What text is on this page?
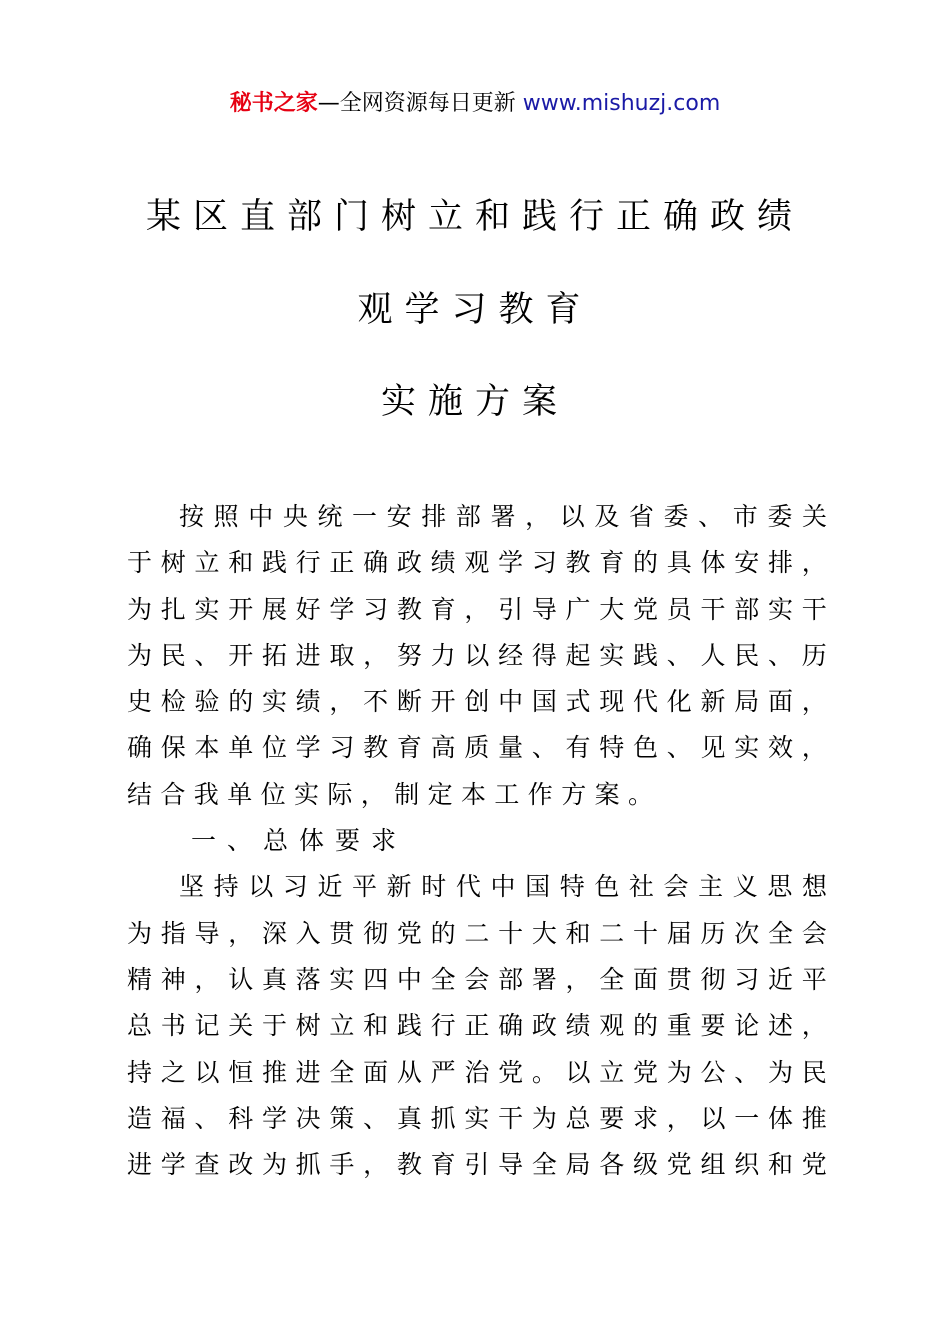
秘书之家—全网资源每日更新 www.mishuzj.com
某区直部门树立和践行正确政绩
观学习教育
实施方案
按 照 中 央 统 一 安 排 部 署 ， 以 及 省 委 、 市 委 关
于 树 立 和 践 行 正 确 政 绩 观 学 习 教 育 的 具 体 安 排 ，
为 扎 实 开 展 好 学 习 教 育 ， 引 导 广 大 党 员 干 部 实 干
为 民 、 开 拓 进 取 ， 努 力 以 经 得 起 实 践 、 人 民 、 历
史 检 验 的 实 绩 ， 不 断 开 创 中 国 式 现 代 化 新 局 面 ，
确 保 本 单 位 学 习 教 育 高 质 量 、 有 特 色 、 见 实 效 ，
结合我单位实际，制定本工作方案。
一、总体要求
坚 持 以 习 近 平 新 时 代 中 国 特 色 社 会 主 义 思 想
为 指 导 ， 深 入 贯 彻 党 的 二 十 大 和 二 十 届 历 次 全 会
精 神 ， 认 真 落 实 四 中 全 会 部 署 ， 全 面 贯 彻 习 近 平
总 书 记 关 于 树 立 和 践 行 正 确 政 绩 观 的 重 要 论 述 ，
持 之 以 恒 推 进 全 面 从 严 治 党 。 以 立 党 为 公 、 为 民
造 福 、 科 学 决 策 、 真 抓 实 干 为 总 要 求 ， 以 一 体 推
进 学 查 改 为 抓 手 ， 教 育 引 导 全 局 各 级 党 组 织 和 党
